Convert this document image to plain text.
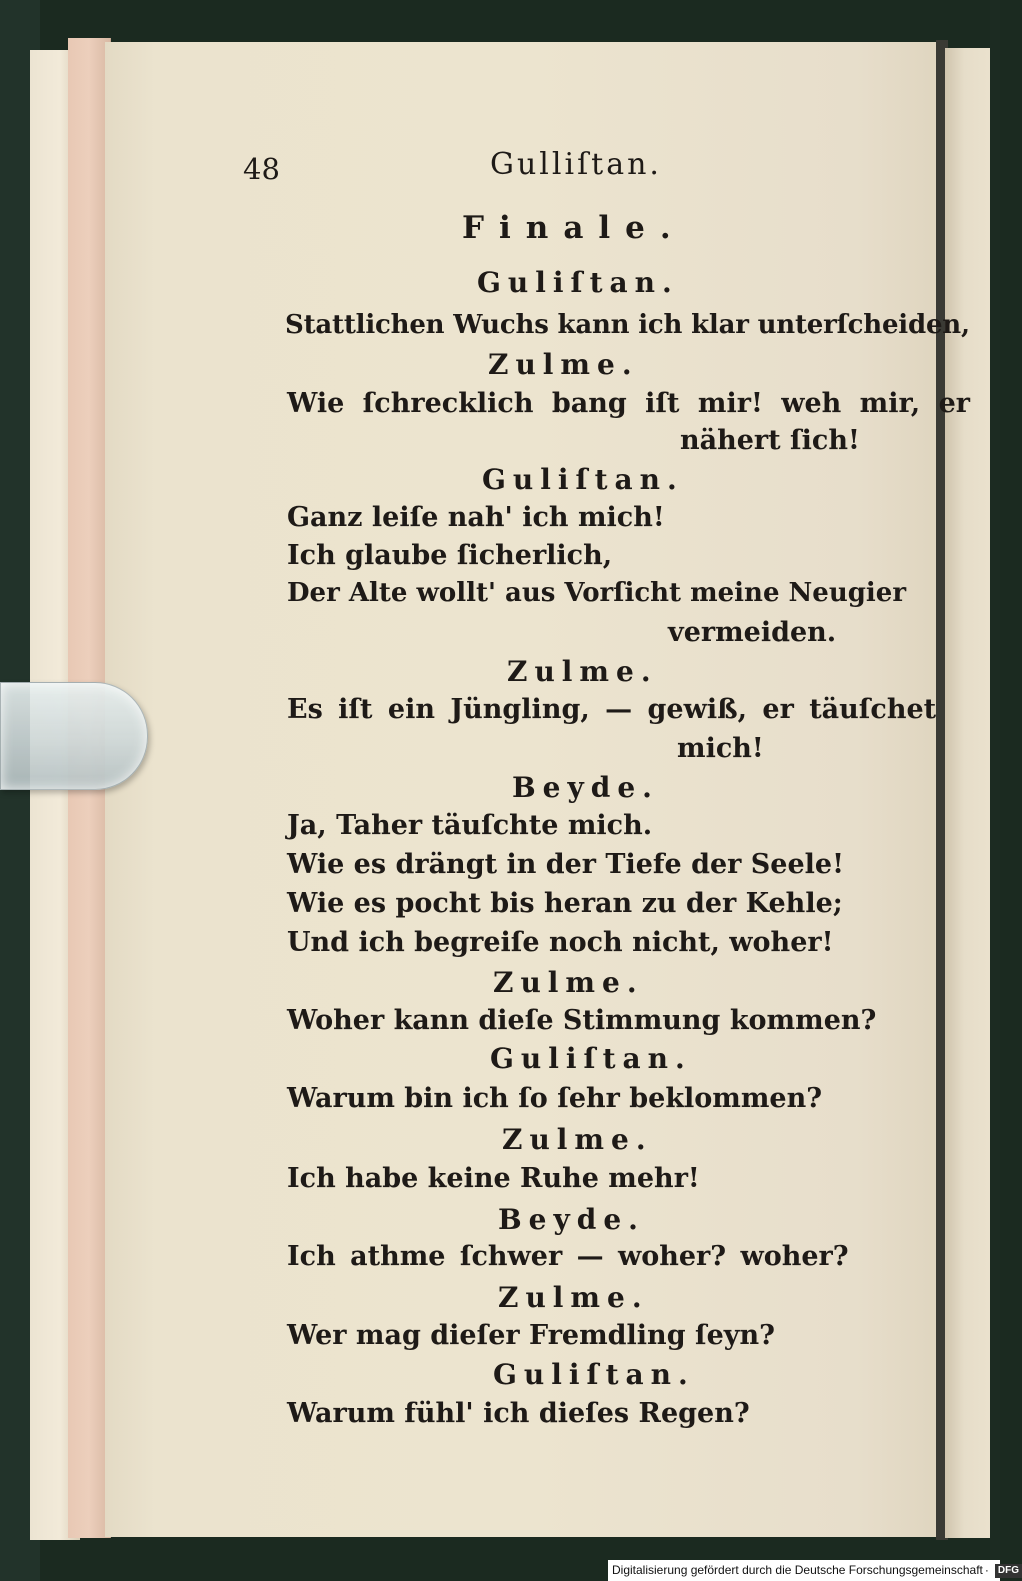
48	Gulliſtan.
Finale.
Guliſtan.
Stattlichen Wuchs kann ich klar unterſcheiden,
Zulme.
Wie ſchrecklich bang iſt mir! weh mir, er
nähert ſich!
Guliſtan.
Ganz leiſe nah' ich mich!
Ich glaube ſicherlich,
Der Alte wollt' aus Vorſicht meine Neugier
vermeiden.
Zulme.
Es iſt ein Jüngling, — gewiß, er täuſchet
mich!
Beyde.
Ja, Taher täuſchte mich.
Wie es drängt in der Tiefe der Seele!
Wie es pocht bis heran zu der Kehle;
Und ich begreiſe noch nicht, woher!
Zulme.
Woher kann dieſe Stimmung kommen?
Guliſtan.
Warum bin ich ſo ſehr beklommen?
Zulme.
Ich habe keine Ruhe mehr!
Beyde.
Ich athme ſchwer — woher? woher?
Zulme.
Wer mag dieſer Fremdling ſeyn?
Guliſtan.
Warum fühl' ich dieſes Regen?
Digitalisierung gefördert durch die Deutsche Forschungsgemeinschaft · DFG
